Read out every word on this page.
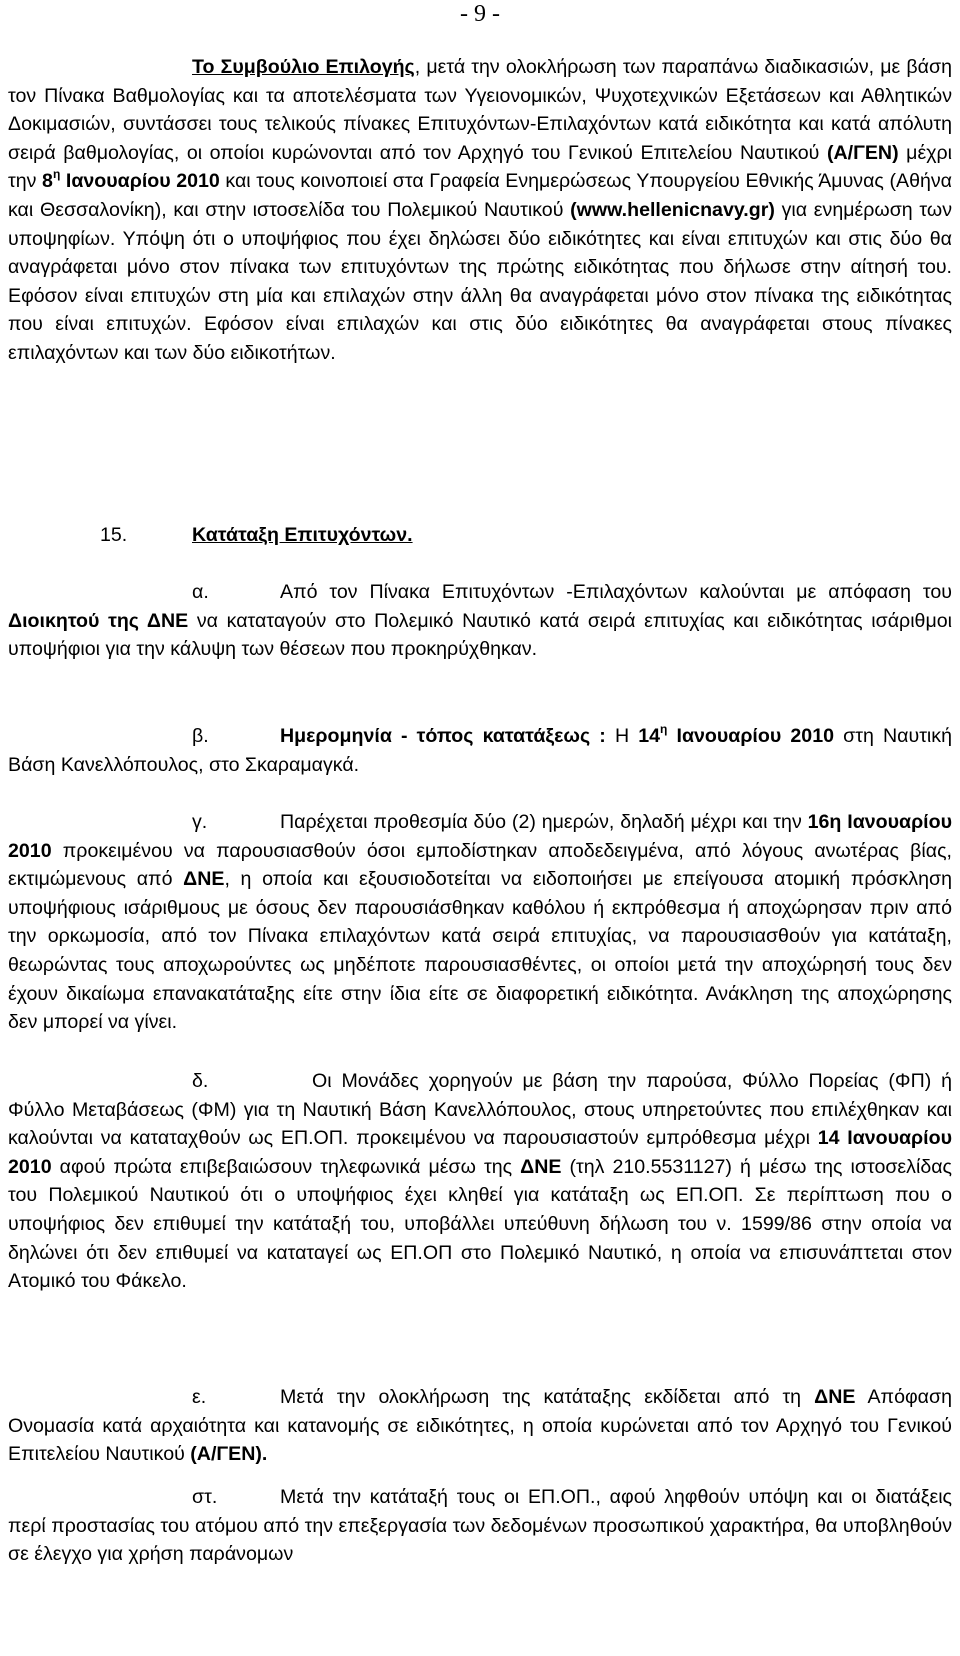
- 9 -

Το Συμβούλιο Επιλογής, μετά την ολοκλήρωση των παραπάνω διαδικασιών, με βάση τον Πίνακα Βαθμολογίας και τα αποτελέσματα των Υγειονομικών, Ψυχοτεχνικών Εξετάσεων και Αθλητικών Δοκιμασιών, συντάσσει τους τελικούς πίνακες Επιτυχόντων-Επιλαχόντων κατά ειδικότητα και κατά απόλυτη σειρά βαθμολογίας, οι οποίοι κυρώνονται από τον Αρχηγό του Γενικού Επιτελείου Ναυτικού (Α/ΓΕΝ) μέχρι την $8^\eta$ Ιανουαρίου 2010 και τους κοινοποιεί στα Γραφεία Ενημερώσεως Υπουργείου Εθνικής Άμυνας (Αθήνα και Θεσσαλονίκη), και στην ιστοσελίδα του Πολεμικού Ναυτικού (www.hellenicnavy.gr) για ενημέρωση των υποψηφίων. Υπόψη ότι ο υποψήφιος που έχει δηλώσει δύο ειδικότητες και είναι επιτυχών και στις δύο θα αναγράφεται μόνο στον πίνακα των επιτυχόντων της πρώτης ειδικότητας που δήλωσε στην αίτησή του. Εφόσον είναι επιτυχών στη μία και επιλαχών στην άλλη θα αναγράφεται μόνο στον πίνακα της ειδικότητας που είναι επιτυχών. Εφόσον είναι επιλαχών και στις δύο ειδικότητες θα αναγράφεται στους πίνακες επιλαχόντων και των δύο ειδικοτήτων.

15.	Κατάταξη Επιτυχόντων.

α.	Από τον Πίνακα Επιτυχόντων -Επιλαχόντων καλούνται με απόφαση του Διοικητού της ΔΝΕ να καταταγούν στο Πολεμικό Ναυτικό κατά σειρά επιτυχίας και ειδικότητας ισάριθμοι υποψήφιοι για την κάλυψη των θέσεων που προκηρύχθηκαν.

β.	Ημερομηνία - τόπος κατατάξεως : Η $14^\eta$ Ιανουαρίου 2010 στη Ναυτική Βάση Κανελλόπουλος, στο Σκαραμαγκά.

γ.	Παρέχεται προθεσμία δύο (2) ημερών, δηλαδή μέχρι και την 16η Ιανουαρίου 2010 προκειμένου να παρουσιασθούν όσοι εμποδίστηκαν αποδεδειγμένα, από λόγους ανωτέρας βίας, εκτιμώμενους από ΔΝΕ, η οποία και εξουσιοδοτείται να ειδοποιήσει με επείγουσα ατομική πρόσκληση υποψήφιους ισάριθμους με όσους δεν παρουσιάσθηκαν καθόλου ή εκπρόθεσμα ή αποχώρησαν πριν από την ορκωμοσία, από τον Πίνακα επιλαχόντων κατά σειρά επιτυχίας, να παρουσιασθούν για κατάταξη, θεωρώντας τους αποχωρούντες ως μηδέποτε παρουσιασθέντες, οι οποίοι μετά την αποχώρησή τους δεν έχουν δικαίωμα επανακατάταξης είτε στην ίδια είτε σε διαφορετική ειδικότητα. Ανάκληση της αποχώρησης δεν μπορεί να γίνει.

δ.	Οι Μονάδες χορηγούν με βάση την παρούσα, Φύλλο Πορείας (ΦΠ) ή Φύλλο Μεταβάσεως (ΦΜ) για τη Ναυτική Βάση Κανελλόπουλος, στους υπηρετούντες που επιλέχθηκαν και καλούνται να καταταχθούν ως ΕΠ.ΟΠ. προκειμένου να παρουσιαστούν εμπρόθεσμα μέχρι 14 Ιανουαρίου 2010 αφού πρώτα επιβεβαιώσουν τηλεφωνικά μέσω της ΔΝΕ (τηλ 210.5531127) ή μέσω της ιστοσελίδας του Πολεμικού Ναυτικού ότι ο υποψήφιος έχει κληθεί για κατάταξη ως ΕΠ.ΟΠ. Σε περίπτωση που ο υποψήφιος δεν επιθυμεί την κατάταξή του, υποβάλλει υπεύθυνη δήλωση του ν. 1599/86 στην οποία να δηλώνει ότι δεν επιθυμεί να καταταγεί ως ΕΠ.ΟΠ στο Πολεμικό Ναυτικό, η οποία να επισυνάπτεται στον Ατομικό του Φάκελο.

ε.	Μετά την ολοκλήρωση της κατάταξης εκδίδεται από τη ΔΝΕ Απόφαση Ονομασία κατά αρχαιότητα και κατανομής σε ειδικότητες, η οποία κυρώνεται από τον Αρχηγό του Γενικού Επιτελείου Ναυτικού (Α/ΓΕΝ).

στ.	Μετά την κατάταξή τους οι ΕΠ.ΟΠ., αφού ληφθούν υπόψη και οι διατάξεις περί προστασίας του ατόμου από την επεξεργασία των δεδομένων προσωπικού χαρακτήρα, θα υποβληθούν σε έλεγχο για χρήση παράνομων
